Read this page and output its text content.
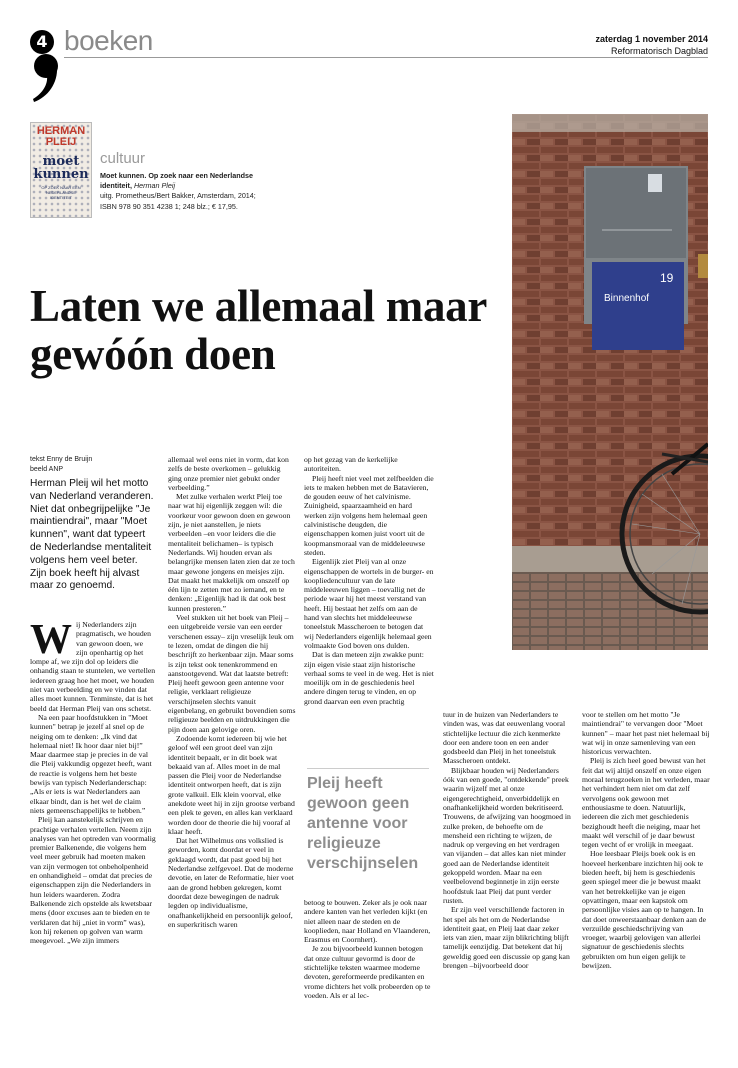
4 boeken	zaterdag 1 november 2014
Reformatorisch Dagblad
HERMAN PLEIJ
moet kunnen
OP ZOEK NAAR EEN NEDERLANDSE IDENTITEIT
cultuur
Moet kunnen. Op zoek naar een Nederlandse identiteit, Herman Pleij
uitg. Prometheus/Bert Bakker, Amsterdam, 2014;
ISBN 978 90 351 4238 1; 248 blz.; € 17,95.
Laten we allemaal maar gewóón doen
19
Binnenhof
tekst Enny de Bruijn
beeld ANP

Herman Pleij wil het motto van Nederland veranderen. Niet dat onbegrijpelijke "Je maintiendrai", maar "Moet kunnen", want dat typeert de Nederlandse mentaliteit volgens hem veel beter. Zijn boek heeft hij alvast maar zo genoemd.

Wij Nederlanders zijn pragmatisch, we houden van gewoon doen, we zijn openhartig op het lompe af, we zijn dol op leiders die onhandig staan te stuntelen, we vertellen iedereen graag hoe het moet, we houden niet van verbeelding en we vinden dat alles moet kunnen. Tenminste, dat is het beeld dat Herman Pleij van ons schetst.

Na een paar hoofdstukken in "Moet kunnen" betrap je jezelf al snel op de neiging om te denken: „Ik vind dat helemaal niet! Ik hoor daar niet bij!” Maar daarmee stap je precies in de val die Pleij vakkundig opgezet heeft, want de reactie is volgens hem het beste bewijs van typisch Nederlanderschap: „Als er iets is wat Nederlanders aan elkaar bindt, dan is het wel de claim niets gemeenschappelijks te hebben.”

Pleij kan aanstekelijk schrijven en prachtige verhalen vertellen. Neem zijn analyses van het optreden van voormalig premier Balkenende, die volgens hem veel meer gebruik had moeten maken van zijn vermogen tot onbeholpenheid en onhandigheid – omdat dat precies de eigenschappen zijn die Nederlanders in hun leiders waarderen. Zodra Balkenende zich opstelde als kwetsbaar mens (door excuses aan te bieden en te verklaren dat hij „niet in vorm” was), kon hij rekenen op golven van warm meegevoel. „We zijn immers

allemaal wel eens niet in vorm, dat kon zelfs de beste overkomen – gelukkig ging onze premier niet gebukt onder verbeelding.”

Met zulke verhalen werkt Pleij toe naar wat hij eigenlijk zeggen wil: die voorkeur voor gewoon doen en gewoon zijn, je niet aanstellen, je niets verbeelden –en voor leiders die die mentaliteit belichamen– is typisch Nederlands. Wij houden ervan als belangrijke mensen laten zien dat ze toch maar gewone jongens en meisjes zijn. Dat maakt het makkelijk om onszelf op één lijn te zetten met zo iemand, en te denken: „Eigenlijk had ik dat ook best kunnen presteren.”

Veel stukken uit het boek van Pleij –een uitgebreide versie van een eerder verschenen essay– zijn vreselijk leuk om te lezen, omdat de dingen die hij beschrijft zo herkenbaar zijn. Maar soms is zijn tekst ook tenenkrommend en aanstootgevend. Wat dat laatste betreft: Pleij heeft gewoon geen antenne voor religie, verklaart religieuze verschijnselen slechts vanuit eigenbelang, en gebruikt bovendien soms religieuze beelden en uitdrukkingen die pijn doen aan gelovige oren.

Zodoende komt iedereen bij wie het geloof wél een groot deel van zijn identiteit bepaalt, er in dit boek wat bekaaid van af. Alles moet in de mal passen die Pleij voor de Nederlandse identiteit ontworpen heeft, dat is zijn grote valkuil. Elk klein voorval, elke anekdote weet hij in zijn grootse verband een plek te geven, en alles kan verklaard worden door de theorie die hij vooraf al klaar heeft.

Dat het Wilhelmus ons volkslied is geworden, komt doordat er veel in geklaagd wordt, dat past goed bij het Nederlandse zelfgevoel. Dat de moderne devotie, en later de Reformatie, hier voet aan de grond hebben gekregen, komt doordat deze bewegingen de nadruk legden op individualisme, onafhankelijkheid en persoonlijk geloof, en superkritisch waren

op het gezag van de kerkelijke autoriteiten.

Pleij heeft niet veel met zelfbeelden die iets te maken hebben met de Batavieren, de gouden eeuw of het calvinisme. Zuinigheid, spaarzaamheid en hard werken zijn volgens hem helemaal geen calvinistische deugden, die eigenschappen komen juist voort uit de koopmansmoraal van de middeleeuwse steden.

Eigenlijk ziet Pleij van al onze eigenschappen de wortels in de burger- en koopliedencultuur van de late middeleeuwen liggen – toevallig net de periode waar hij het meest verstand van heeft. Hij bestaat het zelfs om aan de hand van slechts het middeleeuwse toneelstuk Masscheroen te betogen dat wij Nederlanders eigenlijk helemaal geen volmaakte God boven ons dulden.

Dat is dan meteen zijn zwakke punt: zijn eigen visie staat zijn historische verhaal soms te veel in de weg. Het is niet moeilijk om in de geschiedenis heel andere dingen terug te vinden, en op grond daarvan een even prachtig

Pleij heeft gewoon geen antenne voor religieuze verschijnselen

betoog te bouwen. Zeker als je ook naar andere kanten van het verleden kijkt (en niet alleen naar de steden en de kooplieden, naar Holland en Vlaanderen, Erasmus en Coornhert).

Je zou bijvoorbeeld kunnen betogen dat onze cultuur gevormd is door de stichtelijke teksten waarmee moderne devoten, gereformeerde predikanten en vrome dichters het volk probeerden op te voeden. Als er al lec-

tuur in de huizen van Nederlanders te vinden was, was dat eeuwenlang vooral stichtelijke lectuur die zich kenmerkte door een andere toon en een ander godsbeeld dan Pleij in het toneelstuk Masscheroen ontdekt.

Blijkbaar houden wij Nederlanders óók van een goede, "ontdekkende" preek waarin wijzelf met al onze eigengerechtigheid, onverbiddelijk en onafhankelijkheid worden bekritiseerd. Trouwens, de afwijzing van hoogmoed in zulke preken, de behoefte om de mensheid een richting te wijzen, de nadruk op vergeving en het verdragen van vijanden – dat alles kan niet minder goed aan de Nederlandse identiteit gekoppeld worden. Maar na een veelbelovend beginnetje in zijn eerste hoofdstuk laat Pleij dat punt verder rusten.

Er zijn veel verschillende factoren in het spel als het om de Nederlandse identiteit gaat, en Pleij laat daar zeker iets van zien, maar zijn blikrichting blijft tamelijk eenzijdig. Dat betekent dat hij geweldig goed een discussie op gang kan brengen –bijvoorbeeld door

voor te stellen om het motto "Je maintiendrai" te vervangen door "Moet kunnen" – maar het past niet helemaal bij wat wij in onze samenleving van een historicus verwachten.

Pleij is zich heel goed bewust van het feit dat wij altijd onszelf en onze eigen moraal terugzoeken in het verleden, maar het verhindert hem niet om dat zelf vervolgens ook gewoon met enthousiasme te doen. Natuurlijk, iedereen die zich met geschiedenis bezighoudt heeft die neiging, maar het maakt wél verschil of je daar bewust tegen vecht of er vrolijk in meegaat.

Hoe leesbaar Pleijs boek ook is en hoeveel herkenbare inzichten hij ook te bieden heeft, bij hem is geschiedenis geen spiegel meer die je bewust maakt van het betrekkelijke van je eigen opvattingen, maar een kapstok om persoonlijke visies aan op te hangen. In dat doet onweerstaanbaar denken aan de verzuilde geschiedschrijving van vroeger, waarbij gelovigen van allerlei signatuur de geschiedenis slechts gebruikten om hun eigen gelijk te bewijzen.
